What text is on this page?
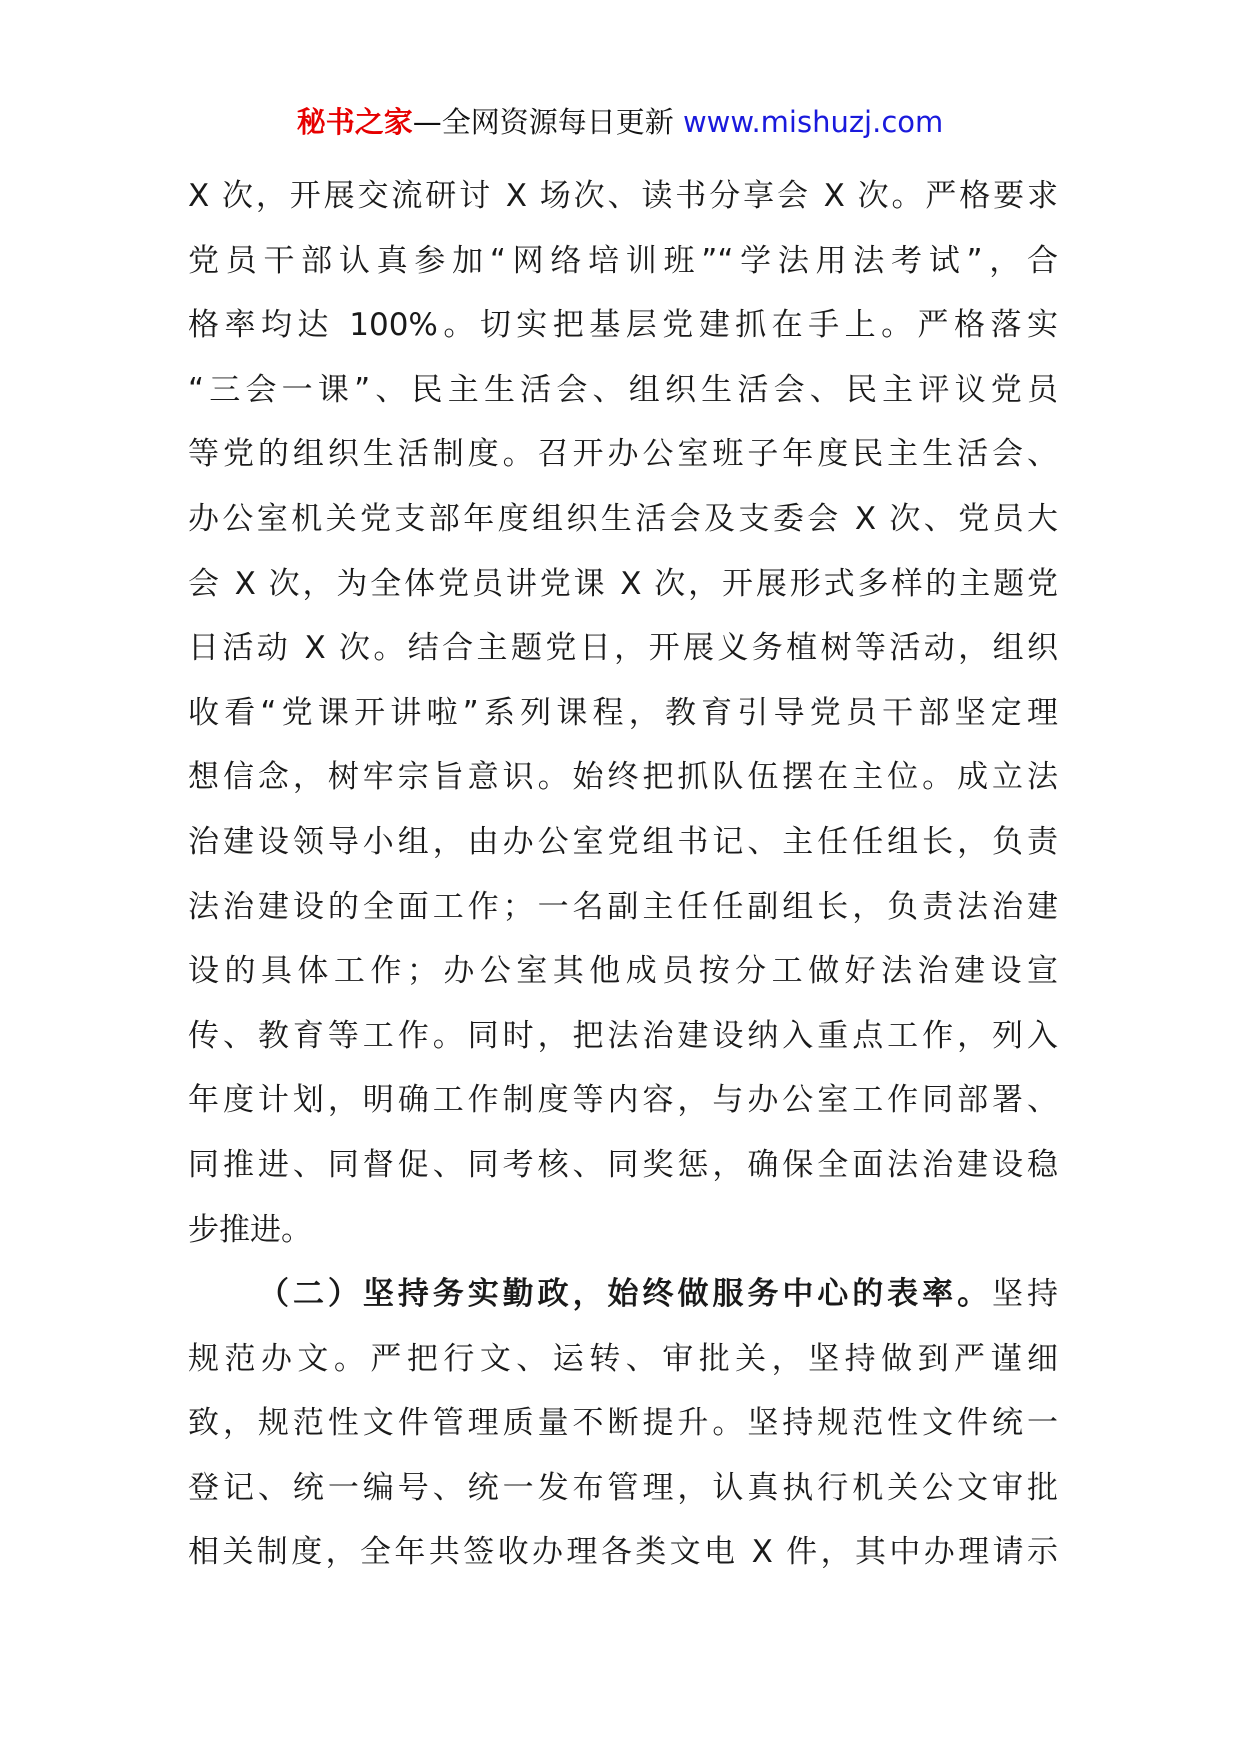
秘书之家—全网资源每日更新 www.mishuzj.com
X 次，开展交流研讨 X 场次、读书分享会 X 次。严格要求
党员干部认真参加“网络培训班”“学法用法考试”，合
格率均达 100%。切实把基层党建抓在手上。严格落实
“三会一课”、民主生活会、组织生活会、民主评议党员
等党的组织生活制度。召开办公室班子年度民主生活会、
办公室机关党支部年度组织生活会及支委会 X 次、党员大
会 X 次，为全体党员讲党课 X 次，开展形式多样的主题党
日活动 X 次。结合主题党日，开展义务植树等活动，组织
收看“党课开讲啦”系列课程，教育引导党员干部坚定理
想信念，树牢宗旨意识。始终把抓队伍摆在主位。成立法
治建设领导小组，由办公室党组书记、主任任组长，负责
法治建设的全面工作；一名副主任任副组长，负责法治建
设的具体工作；办公室其他成员按分工做好法治建设宣
传、教育等工作。同时，把法治建设纳入重点工作，列入
年度计划，明确工作制度等内容，与办公室工作同部署、
同推进、同督促、同考核、同奖惩，确保全面法治建设稳
步推进。
（二）坚持务实勤政，始终做服务中心的表率。坚持
规范办文。严把行文、运转、审批关，坚持做到严谨细
致，规范性文件管理质量不断提升。坚持规范性文件统一
登记、统一编号、统一发布管理，认真执行机关公文审批
相关制度，全年共签收办理各类文电 X 件，其中办理请示
